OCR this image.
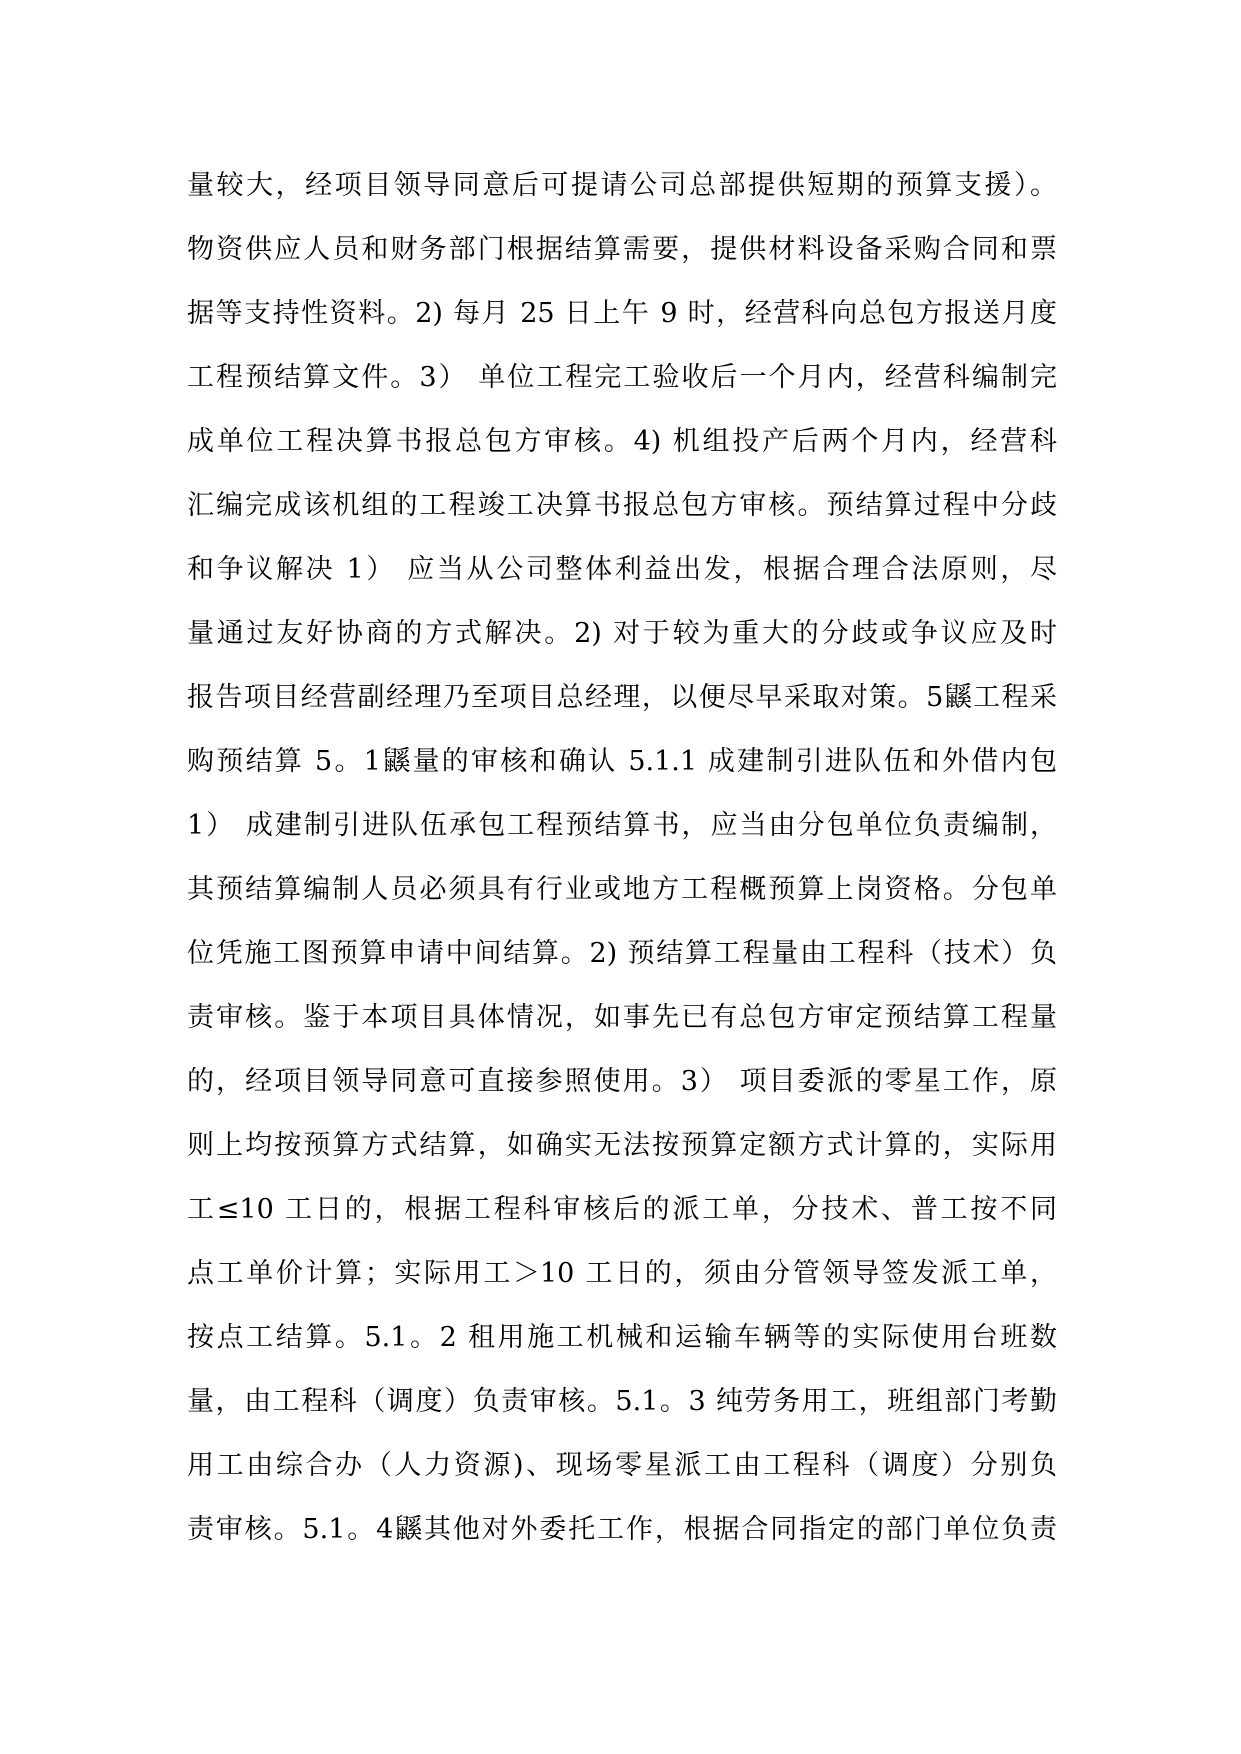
量较大，经项目领导同意后可提请公司总部提供短期的预算支援）。
物资供应人员和财务部门根据结算需要，提供材料设备采购合同和票
据等支持性资料。2) 每月 25 日上午 9 时，经营科向总包方报送月度
工程预结算文件。3） 单位工程完工验收后一个月内，经营科编制完
成单位工程决算书报总包方审核。4) 机组投产后两个月内，经营科
汇编完成该机组的工程竣工决算书报总包方审核。预结算过程中分歧
和争议解决 1） 应当从公司整体利益出发，根据合理合法原则，尽
量通过友好协商的方式解决。2) 对于较为重大的分歧或争议应及时
报告项目经营副经理乃至项目总经理，以便尽早采取对策。5鼷工程采
购预结算 5。1鼷量的审核和确认 5.1.1 成建制引进队伍和外借内包
1） 成建制引进队伍承包工程预结算书，应当由分包单位负责编制，
其预结算编制人员必须具有行业或地方工程概预算上岗资格。分包单
位凭施工图预算申请中间结算。2) 预结算工程量由工程科（技术）负
责审核。鉴于本项目具体情况，如事先已有总包方审定预结算工程量
的，经项目领导同意可直接参照使用。3） 项目委派的零星工作，原
则上均按预算方式结算，如确实无法按预算定额方式计算的，实际用
工≤10 工日的，根据工程科审核后的派工单，分技术、普工按不同
点工单价计算；实际用工＞10 工日的，须由分管领导签发派工单，
按点工结算。5.1。2 租用施工机械和运输车辆等的实际使用台班数
量，由工程科（调度）负责审核。5.1。3 纯劳务用工，班组部门考勤
用工由综合办（人力资源)、现场零星派工由工程科（调度）分别负
责审核。5.1。4鼷其他对外委托工作，根据合同指定的部门单位负责
